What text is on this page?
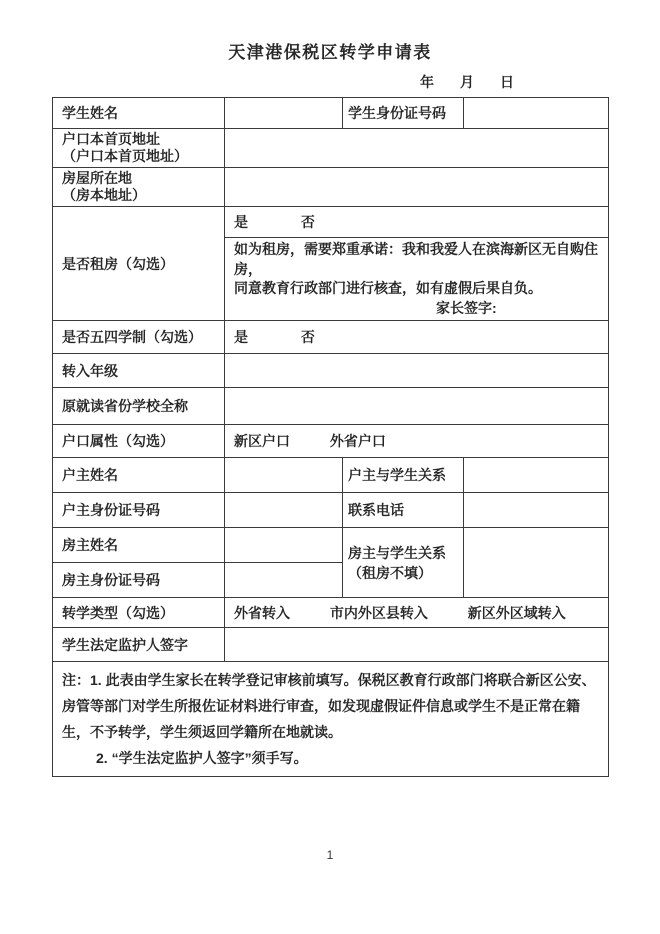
天津港保税区转学申请表
年 月 日
学生姓名		学生身份证号码	

户口本首页地址
（户口本首页地址）			

房屋所在地
（房本地址）			

是否租房（勾选）	是 否		
	如为租房，需要郑重承诺：我和我爱人在滨海新区无自购住房，
同意教育行政部门进行核查，如有虚假后果自负。
家长签字:		

是否五四学制（勾选）	是 否		
转入年级			
原就读省份学校全称			
户口属性（勾选）	新区户口 外省户口		
户主姓名		户主与学生关系	
户主身份证号码		联系电话	
房主姓名		房主与学生关系
（租房不填）	

房主身份证号码			
转学类型（勾选）	外省转入 市内外区县转入 新区外区域转入		
学生法定监护人签字			
注：1. 此表由学生家长在转学登记审核前填写。保税区教育行政部门将联合新区公安、
房管等部门对学生所报佐证材料进行审查，如发现虚假证件信息或学生不是正常在籍
生，不予转学，学生须返回学籍所在地就读。
2. “学生法定监护人签字”须手写。			
1
